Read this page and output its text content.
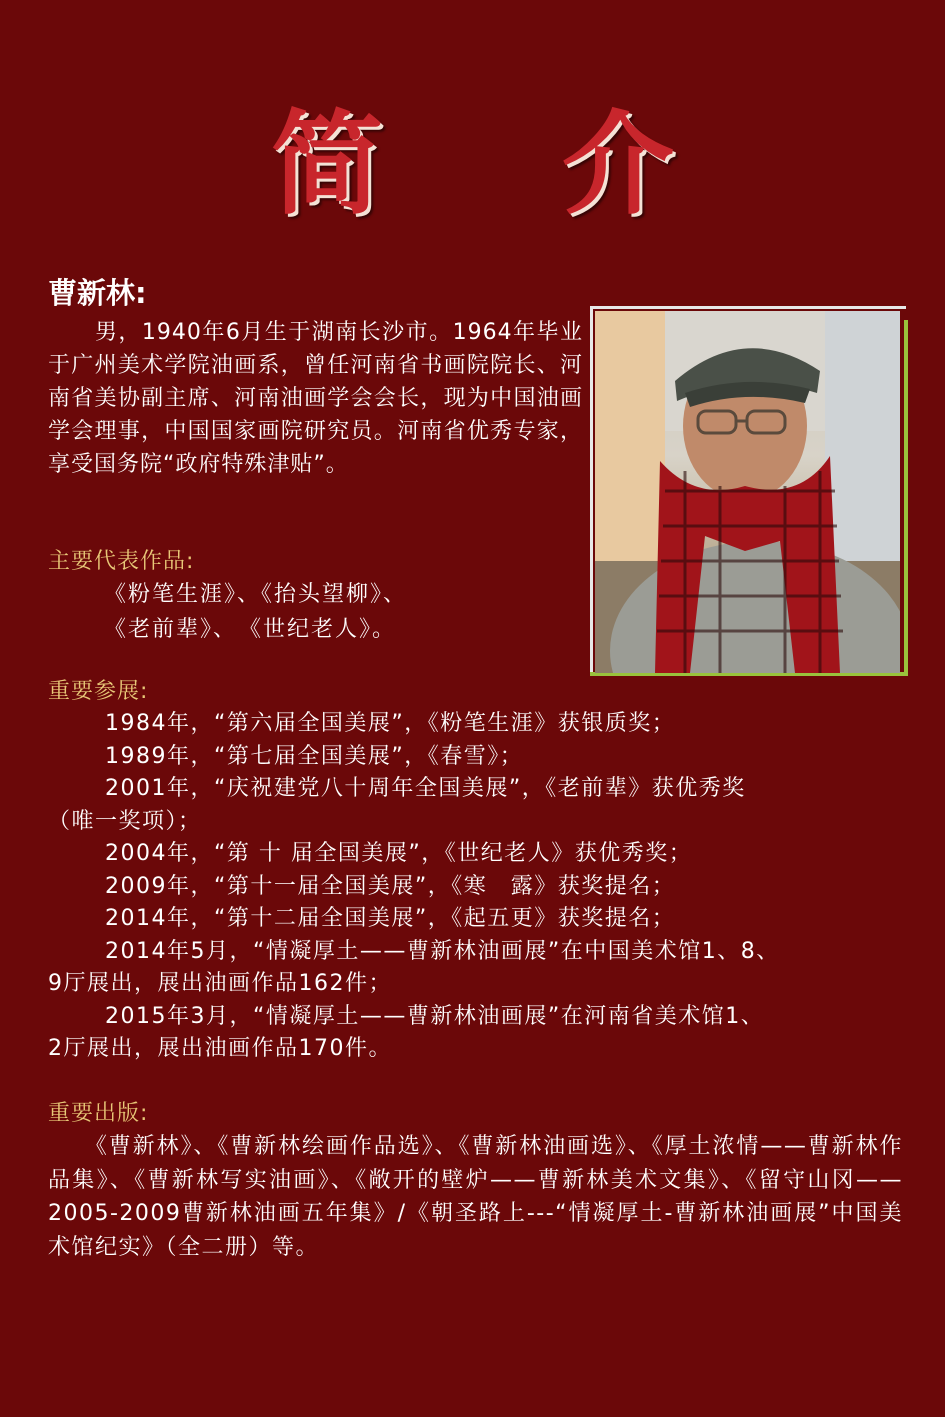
简 介
曹新林:
　　男，1940年6月生于湖南长沙市。1964年毕业于广州美术学院油画系，曾任河南省书画院院长、河南省美协副主席、河南油画学会会长，现为中国油画学会理事，中国国家画院研究员。河南省优秀专家，享受国务院“政府特殊津贴”。
主要代表作品:
《粉笔生涯》、《抬头望柳》、
《老前辈》、　《世纪老人》。
重要参展:

1984年，“第六届全国美展”，《粉笔生涯》获银质奖；

1989年，“第七届全国美展”，《春雪》；

2001年，“庆祝建党八十周年全国美展”，《老前辈》获优秀奖

（唯一奖项）；

2004年，“第 十 届全国美展”，《世纪老人》获优秀奖；

2009年，“第十一届全国美展”，《寒　露》获奖提名；

2014年，“第十二届全国美展”，《起五更》获奖提名；

2014年5月，“情凝厚土——曹新林油画展”在中国美术馆1、8、

9厅展出，展出油画作品162件；

2015年3月，“情凝厚土——曹新林油画展”在河南省美术馆1、

2厅展出，展出油画作品170件。

重要出版:
　　《曹新林》、《曹新林绘画作品选》、《曹新林油画选》、《厚土浓情——曹新林作品集》、《曹新林写实油画》、《敞开的壁炉——曹新林美术文集》、《留守山冈——2005-2009曹新林油画五年集》/《朝圣路上---“情凝厚土-曹新林油画展”中国美术馆纪实》（全二册）等。
